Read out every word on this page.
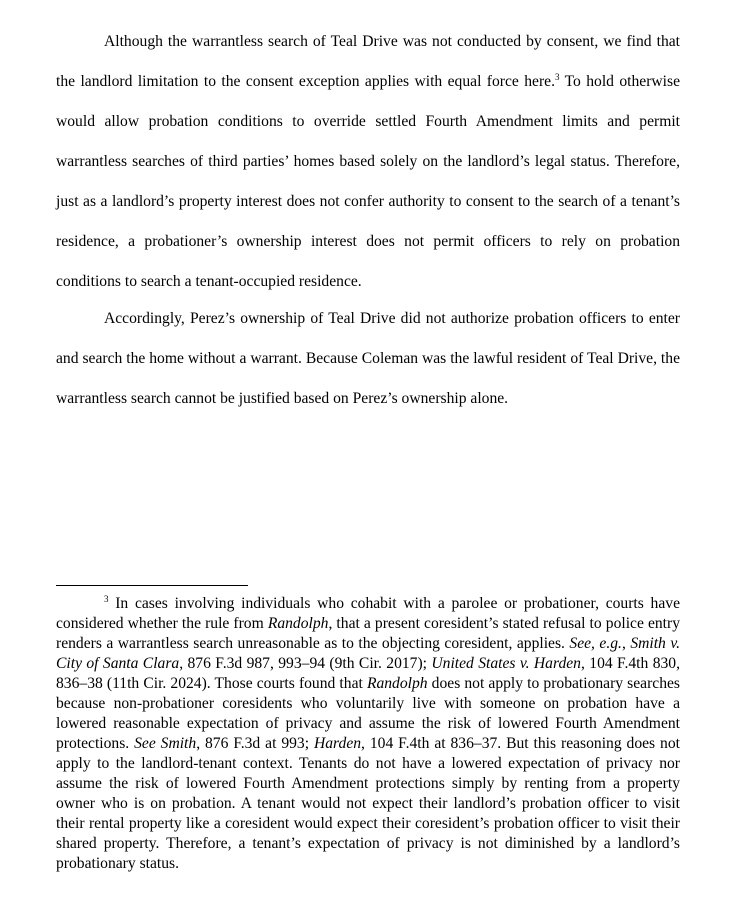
Although the warrantless search of Teal Drive was not conducted by consent, we find that the landlord limitation to the consent exception applies with equal force here.$^3$ To hold otherwise would allow probation conditions to override settled Fourth Amendment limits and permit warrantless searches of third parties’ homes based solely on the landlord’s legal status. Therefore, just as a landlord’s property interest does not confer authority to consent to the search of a tenant’s residence, a probationer’s ownership interest does not permit officers to rely on probation conditions to search a tenant-occupied residence.

Accordingly, Perez’s ownership of Teal Drive did not authorize probation officers to enter and search the home without a warrant. Because Coleman was the lawful resident of Teal Drive, the warrantless search cannot be justified based on Perez’s ownership alone.

$^3$ In cases involving individuals who cohabit with a parolee or probationer, courts have considered whether the rule from Randolph, that a present coresident’s stated refusal to police entry renders a warrantless search unreasonable as to the objecting coresident, applies. See, e.g., Smith v. City of Santa Clara, 876 F.3d 987, 993–94 (9th Cir. 2017); United States v. Harden, 104 F.4th 830, 836–38 (11th Cir. 2024). Those courts found that Randolph does not apply to probationary searches because non-probationer coresidents who voluntarily live with someone on probation have a lowered reasonable expectation of privacy and assume the risk of lowered Fourth Amendment protections. See Smith, 876 F.3d at 993; Harden, 104 F.4th at 836–37. But this reasoning does not apply to the landlord-tenant context. Tenants do not have a lowered expectation of privacy nor assume the risk of lowered Fourth Amendment protections simply by renting from a property owner who is on probation. A tenant would not expect their landlord’s probation officer to visit their rental property like a coresident would expect their coresident’s probation officer to visit their shared property. Therefore, a tenant’s expectation of privacy is not diminished by a landlord’s probationary status.
